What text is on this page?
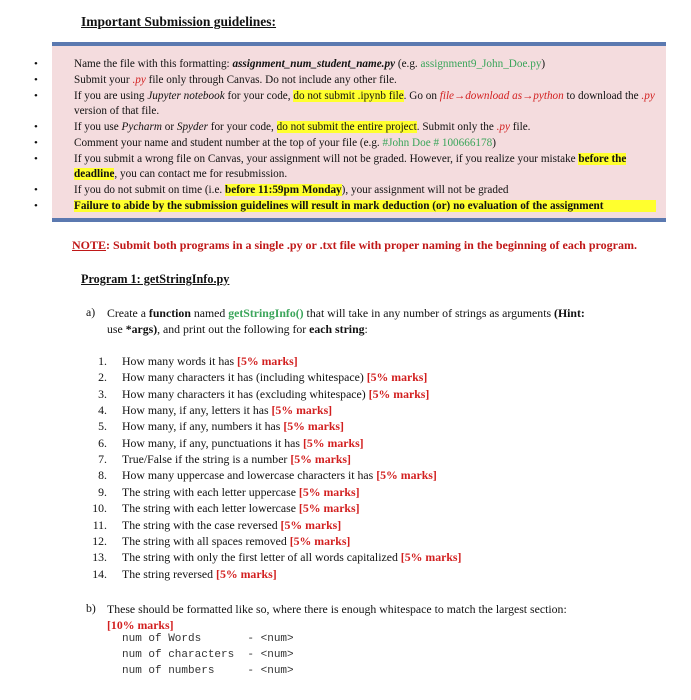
Important Submission guidelines:
•	Name the file with this formatting: assignment_num_student_name.py (e.g. assignment9_John_Doe.py)
•	Submit your .py file only through Canvas. Do not include any other file.
•	If you are using Jupyter notebook for your code, do not submit .ipynb file. Go on file→download as→python to download the .py
version of that file.
•	If you use Pycharm or Spyder for your code, do not submit the entire project. Submit only the .py file.
•	Comment your name and student number at the top of your file (e.g. #John Doe # 100666178)
•	If you submit a wrong file on Canvas, your assignment will not be graded. However, if you realize your mistake before the
deadline, you can contact me for resubmission.
•	If you do not submit on time (i.e. before 11:59pm Monday), your assignment will not be graded
•	Failure to abide by the submission guidelines will result in mark deduction (or) no evaluation of the assignment
NOTE: Submit both programs in a single .py or .txt file with proper naming in the beginning of each program.
Program 1: getStringInfo.py
a) Create a function named getStringInfo() that will take in any number of strings as arguments (Hint:
use *args), and print out the following for each string:
1. How many words it has [5% marks]
2. How many characters it has (including whitespace) [5% marks]
3. How many characters it has (excluding whitespace) [5% marks]
4. How many, if any, letters it has [5% marks]
5. How many, if any, numbers it has [5% marks]
6. How many, if any, punctuations it has [5% marks]
7. True/False if the string is a number [5% marks]
8. How many uppercase and lowercase characters it has [5% marks]
9. The string with each letter uppercase [5% marks]
10. The string with each letter lowercase [5% marks]
11. The string with the case reversed [5% marks]
12. The string with all spaces removed [5% marks]
13. The string with only the first letter of all words capitalized [5% marks]
14. The string reversed [5% marks]
b) These should be formatted like so, where there is enough whitespace to match the largest section:
[10% marks]
num of Words       - <num>
num of characters  - <num>
num of numbers     - <num>
